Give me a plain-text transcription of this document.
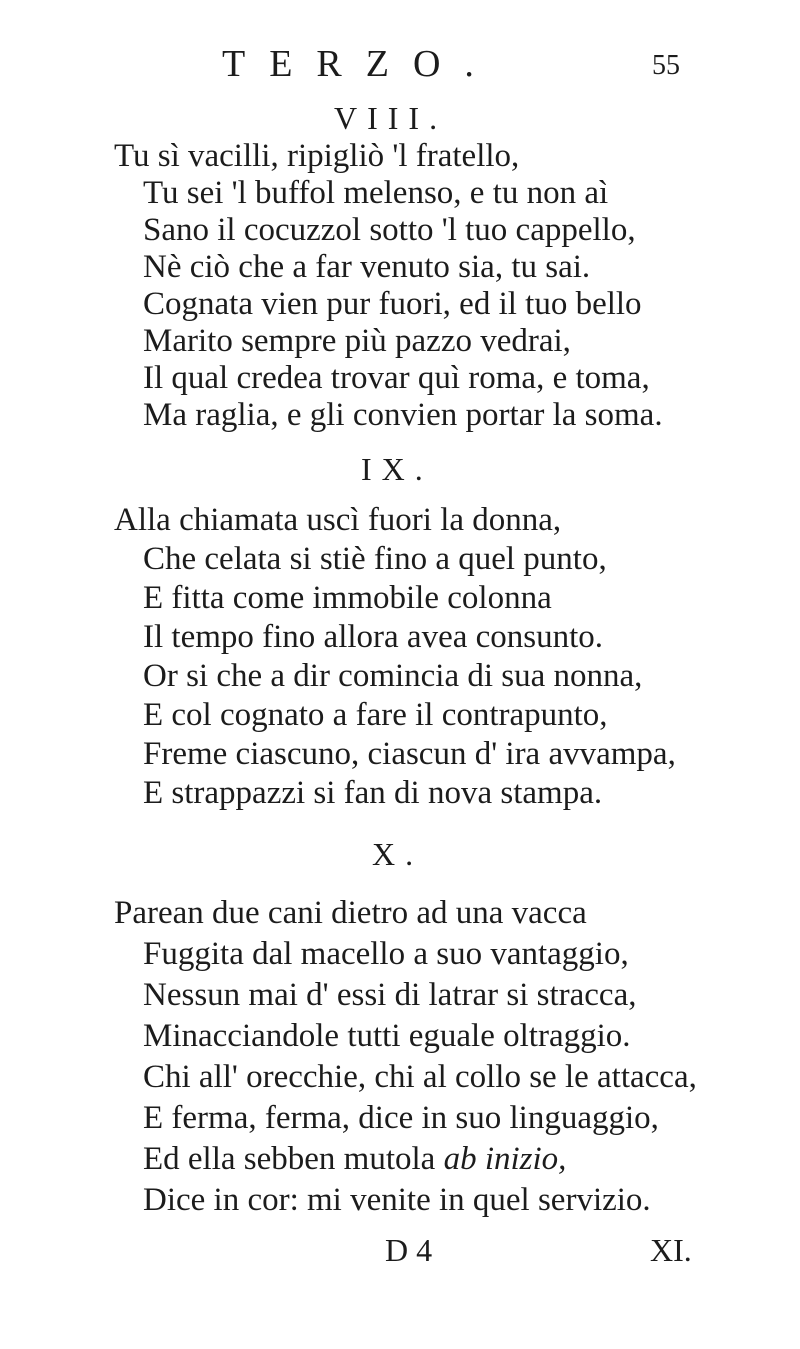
TERZO.	55
VIII.
Tu sì vacilli, ripigliò 'l fratello,
Tu sei 'l buffol melenso, e tu non aì
Sano il cocuzzol sotto 'l tuo cappello,
Nè ciò che a far venuto sia, tu sai.
Cognata vien pur fuori, ed il tuo bello
Marito sempre più pazzo vedrai,
Il qual credea trovar quì roma, e toma,
Ma raglia, e gli convien portar la soma.
IX.
Alla chiamata uscì fuori la donna,
Che celata si stiè fino a quel punto,
E fitta come immobile colonna
Il tempo fino allora avea consunto.
Or si che a dir comincia di sua nonna,
E col cognato a fare il contrapunto,
Freme ciascuno, ciascun d' ira avvampa,
E strappazzi si fan di nova stampa.
X.
Parean due cani dietro ad una vacca
Fuggita dal macello a suo vantaggio,
Nessun mai d' essi di latrar si stracca,
Minacciandole tutti eguale oltraggio.
Chi all' orecchie, chi al collo se le attacca,
E ferma, ferma, dice in suo linguaggio,
Ed ella sebben mutola ab inizio,
Dice in cor: mi venite in quel servizio.
D 4	XI.
